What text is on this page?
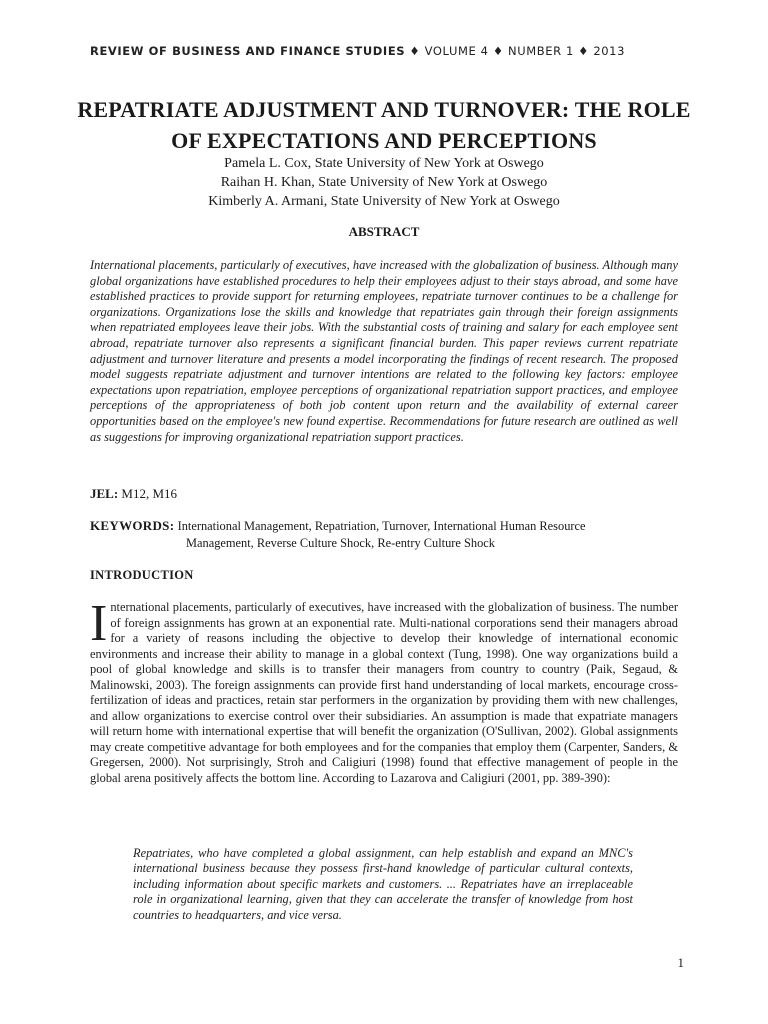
REVIEW OF BUSINESS AND FINANCE STUDIES ♦ VOLUME 4 ♦ NUMBER 1 ♦ 2013
REPATRIATE ADJUSTMENT AND TURNOVER: THE ROLE OF EXPECTATIONS AND PERCEPTIONS
Pamela L. Cox, State University of New York at Oswego
Raihan H. Khan, State University of New York at Oswego
Kimberly A. Armani, State University of New York at Oswego
ABSTRACT
International placements, particularly of executives, have increased with the globalization of business. Although many global organizations have established procedures to help their employees adjust to their stays abroad, and some have established practices to provide support for returning employees, repatriate turnover continues to be a challenge for organizations. Organizations lose the skills and knowledge that repatriates gain through their foreign assignments when repatriated employees leave their jobs. With the substantial costs of training and salary for each employee sent abroad, repatriate turnover also represents a significant financial burden. This paper reviews current repatriate adjustment and turnover literature and presents a model incorporating the findings of recent research. The proposed model suggests repatriate adjustment and turnover intentions are related to the following key factors: employee expectations upon repatriation, employee perceptions of organizational repatriation support practices, and employee perceptions of the appropriateness of both job content upon return and the availability of external career opportunities based on the employee's new found expertise. Recommendations for future research are outlined as well as suggestions for improving organizational repatriation support practices.
JEL: M12, M16
KEYWORDS: International Management, Repatriation, Turnover, International Human Resource
Management, Reverse Culture Shock, Re-entry Culture Shock
INTRODUCTION
International placements, particularly of executives, have increased with the globalization of business. The number of foreign assignments has grown at an exponential rate. Multi-national corporations send their managers abroad for a variety of reasons including the objective to develop their knowledge of international economic environments and increase their ability to manage in a global context (Tung, 1998). One way organizations build a pool of global knowledge and skills is to transfer their managers from country to country (Paik, Segaud, & Malinowski, 2003). The foreign assignments can provide first hand understanding of local markets, encourage cross-fertilization of ideas and practices, retain star performers in the organization by providing them with new challenges, and allow organizations to exercise control over their subsidiaries. An assumption is made that expatriate managers will return home with international expertise that will benefit the organization (O'Sullivan, 2002). Global assignments may create competitive advantage for both employees and for the companies that employ them (Carpenter, Sanders, & Gregersen, 2000). Not surprisingly, Stroh and Caligiuri (1998) found that effective management of people in the global arena positively affects the bottom line. According to Lazarova and Caligiuri (2001, pp. 389-390):
Repatriates, who have completed a global assignment, can help establish and expand an MNC's international business because they possess first-hand knowledge of particular cultural contexts, including information about specific markets and customers. ... Repatriates have an irreplaceable role in organizational learning, given that they can accelerate the transfer of knowledge from host countries to headquarters, and vice versa.
1
